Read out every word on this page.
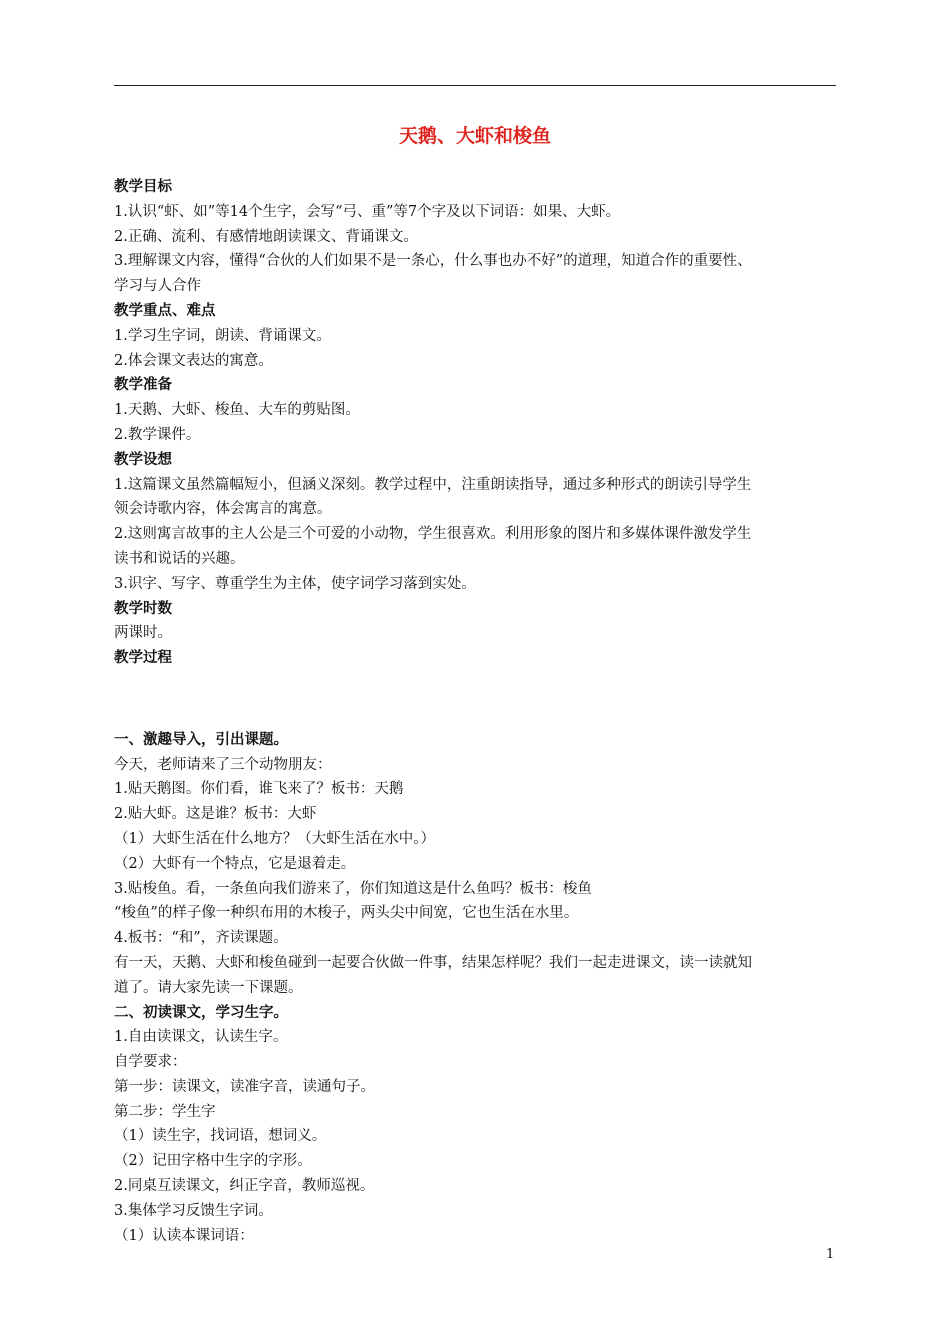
天鹅、大虾和梭鱼

教学目标

1.认识“虾、如”等14个生字，会写“弓、重”等7个字及以下词语：如果、大虾。

2.正确、流利、有感情地朗读课文、背诵课文。

3.理解课文内容，懂得“合伙的人们如果不是一条心，什么事也办不好”的道理，知道合作的重要性、

学习与人合作

教学重点、难点

1.学习生字词，朗读、背诵课文。

2.体会课文表达的寓意。

教学准备

1.天鹅、大虾、梭鱼、大车的剪贴图。

2.教学课件。

教学设想

1.这篇课文虽然篇幅短小，但涵义深刻。教学过程中，注重朗读指导，通过多种形式的朗读引导学生

领会诗歌内容，体会寓言的寓意。

2.这则寓言故事的主人公是三个可爱的小动物，学生很喜欢。利用形象的图片和多媒体课件激发学生

读书和说话的兴趣。

3.识字、写字、尊重学生为主体，使字词学习落到实处。

教学时数

两课时。

教学过程

一、激趣导入，引出课题。

今天，老师请来了三个动物朋友：

1.贴天鹅图。你们看，谁飞来了？板书：天鹅

2.贴大虾。这是谁？板书：大虾

（1）大虾生活在什么地方？（大虾生活在水中。）

（2）大虾有一个特点，它是退着走。

3.贴梭鱼。看，一条鱼向我们游来了，你们知道这是什么鱼吗？板书：梭鱼

“梭鱼”的样子像一种织布用的木梭子，两头尖中间宽，它也生活在水里。

4.板书：“和”，齐读课题。

有一天，天鹅、大虾和梭鱼碰到一起要合伙做一件事，结果怎样呢？我们一起走进课文，读一读就知

道了。请大家先读一下课题。

二、初读课文，学习生字。

1.自由读课文，认读生字。

自学要求：

第一步：读课文，读准字音，读通句子。

第二步：学生字

（1）读生字，找词语，想词义。

（2）记田字格中生字的字形。

2.同桌互读课文，纠正字音，教师巡视。

3.集体学习反馈生字词。

（1）认读本课词语：

1
